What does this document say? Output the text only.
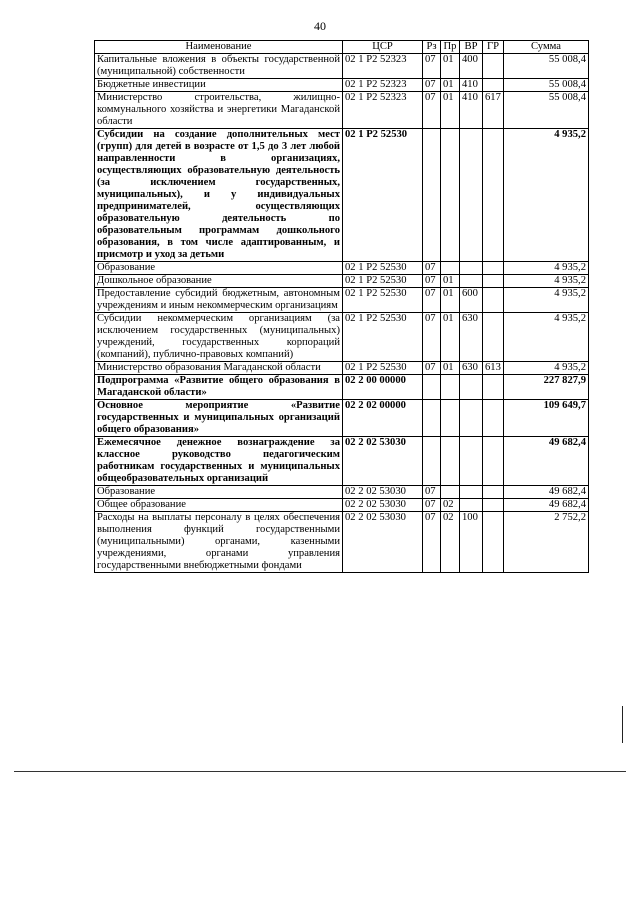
40
Наименование	ЦСР	Рз	Пр	ВР	ГР	Сумма
Капитальные вложения в объекты государственной (муниципальной) собственности	02 1 P2 52323	07	01	400		55 008,4
Бюджетные инвестиции	02 1 P2 52323	07	01	410		55 008,4
Министерство строительства, жилищно-коммунального хозяйства и энергетики Магаданской области	02 1 P2 52323	07	01	410	617	55 008,4
Субсидии на создание дополнительных мест (групп) для детей в возрасте от 1,5 до 3 лет любой направленности в организациях, осуществляющих образовательную деятельность (за исключением государственных, муниципальных), и у индивидуальных предпринимателей, осуществляющих образовательную деятельность по образовательным программам дошкольного образования, в том числе адаптированным, и присмотр и уход за детьми	02 1 P2 52530					4 935,2
Образование	02 1 P2 52530	07				4 935,2
Дошкольное образование	02 1 P2 52530	07	01			4 935,2
Предоставление субсидий бюджетным, автономным учреждениям и иным некоммерческим организациям	02 1 P2 52530	07	01	600		4 935,2
Субсидии некоммерческим организациям (за исключением государственных (муниципальных) учреждений, государственных корпораций (компаний), публично-правовых компаний)	02 1 P2 52530	07	01	630		4 935,2
Министерство образования Магаданской области	02 1 P2 52530	07	01	630	613	4 935,2
Подпрограмма «Развитие общего образования в Магаданской области»	02 2 00 00000					227 827,9
Основное мероприятие «Развитие государственных и муниципальных организаций общего образования»	02 2 02 00000					109 649,7
Ежемесячное денежное вознаграждение за классное руководство педагогическим работникам государственных и муниципальных общеобразовательных организаций	02 2 02 53030					49 682,4
Образование	02 2 02 53030	07				49 682,4
Общее образование	02 2 02 53030	07	02			49 682,4
Расходы на выплаты персоналу в целях обеспечения выполнения функций государственными (муниципальными) органами, казенными учреждениями, органами управления государственными внебюджетными фондами	02 2 02 53030	07	02	100		2 752,2
